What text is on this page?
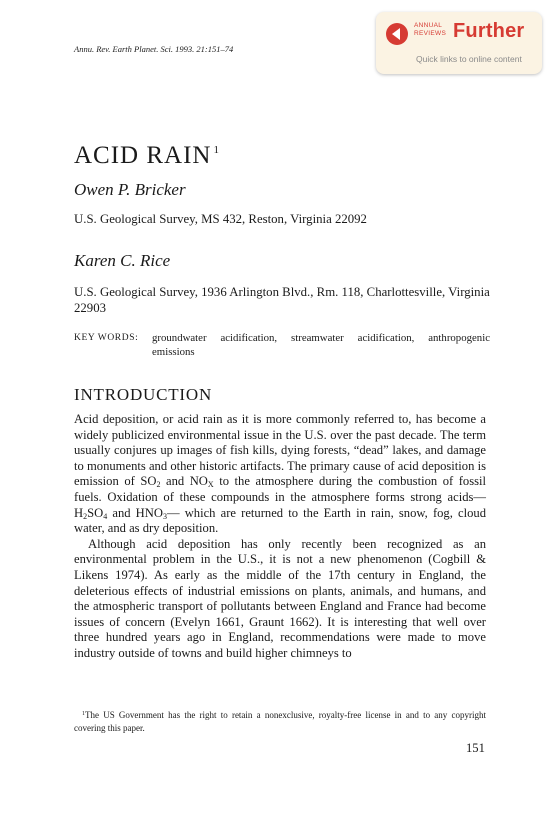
Annu. Rev. Earth Planet. Sci. 1993. 21:151–74
ANNUAL
REVIEWS Further
Quick links to online content
ACID RAIN $^1$
Owen P. Bricker
U.S. Geological Survey, MS 432, Reston, Virginia 22092
Karen C. Rice
U.S. Geological Survey, 1936 Arlington Blvd., Rm. 118, Charlottesville, Virginia 22903
KEY WORDS: groundwater acidification, streamwater acidification, anthropogenic emissions
INTRODUCTION

Acid deposition, or acid rain as it is more commonly referred to, has become a widely publicized environmental issue in the U.S. over the past decade. The term usually conjures up images of fish kills, dying forests, “dead” lakes, and damage to monuments and other historic artifacts. The primary cause of acid deposition is emission of $SO_2$ and $NO_X$ to the atmosphere during the combustion of fossil fuels. Oxidation of these compounds in the atmosphere forms strong $acids—H_2SO_4$ and $HNO_3—$ which are returned to the Earth in rain, snow, fog, cloud water, and as dry deposition.

Although acid deposition has only recently been recognized as an environmental problem in the U.S., it is not a new phenomenon (Cogbill & Likens 1974). As early as the middle of the 17th century in England, the deleterious effects of industrial emissions on plants, animals, and humans, and the atmospheric transport of pollutants between England and France had become issues of concern (Evelyn 1661, Graunt 1662). It is interesting that well over three hundred years ago in England, recommendations were made to move industry outside of towns and build higher chimneys to

$^1$The US Government has the right to retain a nonexclusive, royalty-free license in and to any copyright covering this paper.

151
